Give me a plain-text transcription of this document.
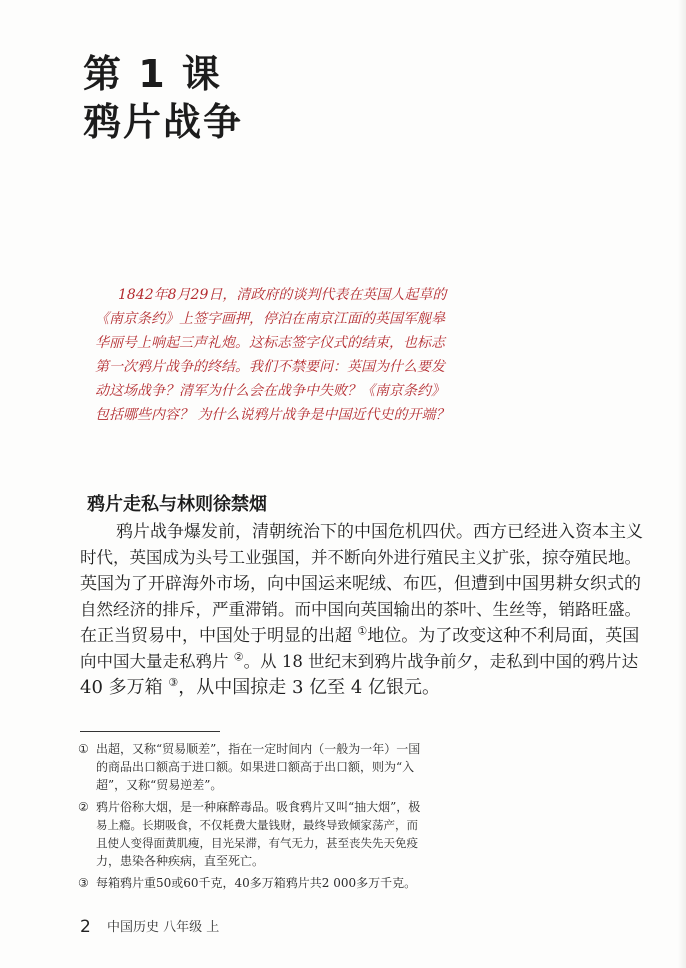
第 1 课
鸦片战争
1842年8月29日，清政府的谈判代表在英国人起草的
《南京条约》上签字画押，停泊在南京江面的英国军舰皋
华丽号上响起三声礼炮。这标志签字仪式的结束，也标志
第一次鸦片战争的终结。我们不禁要问：英国为什么要发
动这场战争？清军为什么会在战争中失败？《南京条约》
包括哪些内容？ 为什么说鸦片战争是中国近代史的开端？
鸦片走私与林则徐禁烟
鸦片战争爆发前，清朝统治下的中国危机四伏。西方已经进入资本主义
时代，英国成为头号工业强国，并不断向外进行殖民主义扩张，掠夺殖民地。
英国为了开辟海外市场，向中国运来呢绒、布匹，但遭到中国男耕女织式的
自然经济的排斥，严重滞销。而中国向英国输出的茶叶、生丝等，销路旺盛。
在正当贸易中，中国处于明显的出超 ①地位。为了改变这种不利局面，英国
向中国大量走私鸦片 ②。从 18 世纪末到鸦片战争前夕，走私到中国的鸦片达
40 多万箱 ③，从中国掠走 3 亿至 4 亿银元。
① 出超，又称“贸易顺差”，指在一定时间内（一般为一年）一国
的商品出口额高于进口额。如果进口额高于出口额，则为“入
超”，又称“贸易逆差”。
② 鸦片俗称大烟，是一种麻醉毒品。吸食鸦片又叫“抽大烟”，极
易上瘾。长期吸食，不仅耗费大量钱财，最终导致倾家荡产，而
且使人变得面黄肌瘦，目光呆滞，有气无力，甚至丧失先天免疫
力，患染各种疾病，直至死亡。
③ 每箱鸦片重50或60千克，40多万箱鸦片共2 000多万千克。
2 中国历史 八年级 上
